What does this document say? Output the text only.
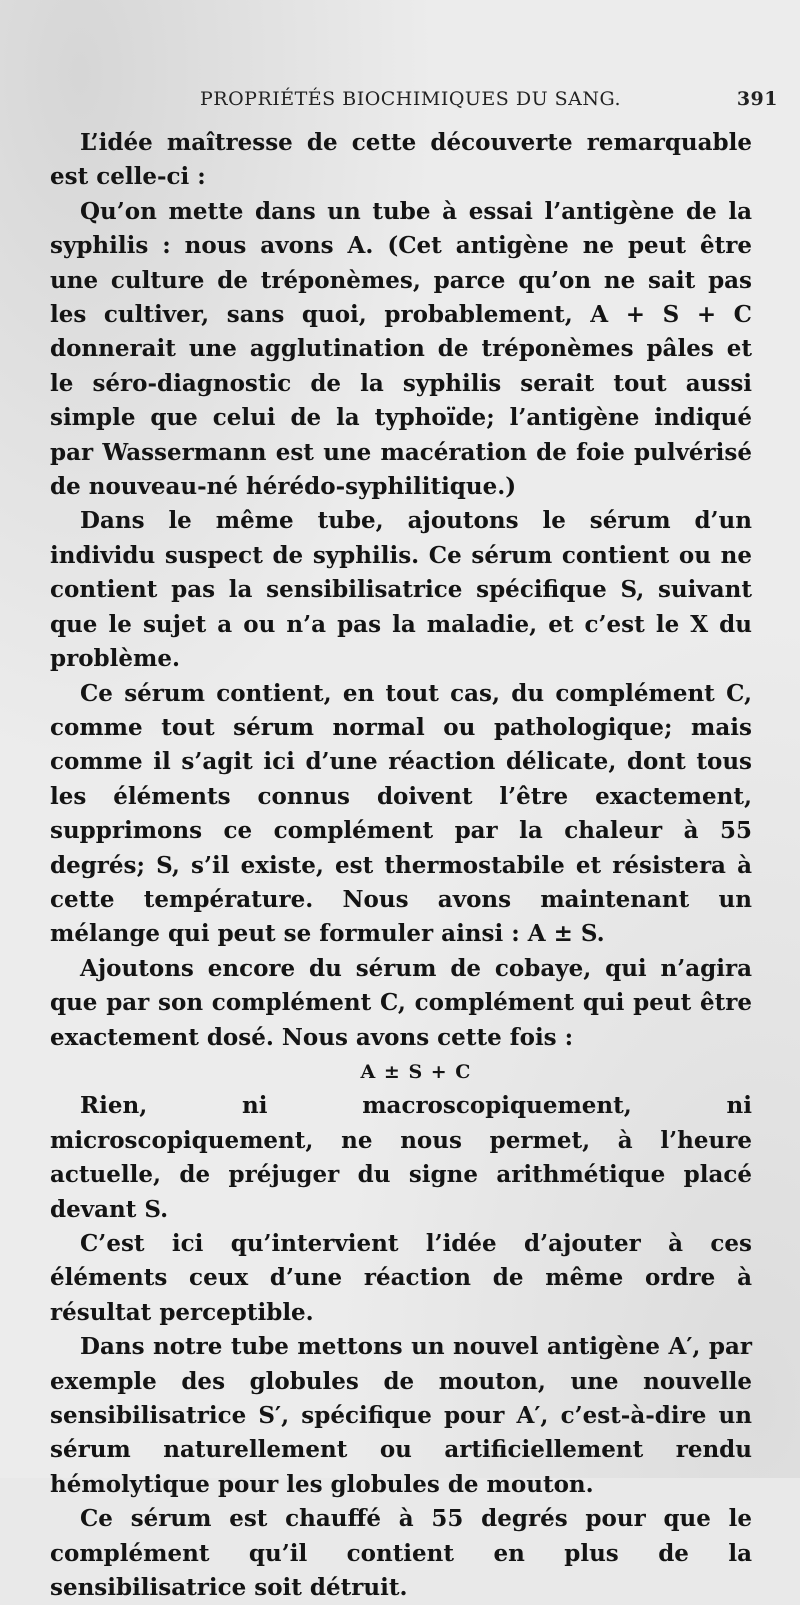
PROPRIÉTÉS BIOCHIMIQUES DU SANG.	391

L’idée maîtresse de cette découverte remarquable est celle-ci :

Qu’on mette dans un tube à essai l’antigène de la syphilis : nous avons A. (Cet antigène ne peut être une culture de tréponèmes, parce qu’on ne sait pas les cultiver, sans quoi, probablement, A + S + C donnerait une agglutination de tréponèmes pâles et le séro-diagnostic de la syphilis serait tout aussi simple que celui de la typhoïde; l’antigène indiqué par Wassermann est une macération de foie pulvérisé de nouveau-né hérédo-syphilitique.)

Dans le même tube, ajoutons le sérum d’un individu suspect de syphilis. Ce sérum contient ou ne contient pas la sensibilisatrice spécifique S, suivant que le sujet a ou n’a pas la maladie, et c’est le X du problème.

Ce sérum contient, en tout cas, du complément C, comme tout sérum normal ou pathologique; mais comme il s’agit ici d’une réaction délicate, dont tous les éléments connus doivent l’être exactement, supprimons ce complément par la chaleur à 55 degrés; S, s’il existe, est thermostabile et résistera à cette température. Nous avons maintenant un mélange qui peut se formuler ainsi : A ± S.

Ajoutons encore du sérum de cobaye, qui n’agira que par son complément C, complément qui peut être exactement dosé. Nous avons cette fois :

A ± S + C

Rien, ni macroscopiquement, ni microscopiquement, ne nous permet, à l’heure actuelle, de préjuger du signe arithmétique placé devant S.

C’est ici qu’intervient l’idée d’ajouter à ces éléments ceux d’une réaction de même ordre à résultat perceptible.

Dans notre tube mettons un nouvel antigène A′, par exemple des globules de mouton, une nouvelle sensibilisatrice S′, spécifique pour A′, c’est-à-dire un sérum naturellement ou artificiellement rendu hémolytique pour les globules de mouton.

Ce sérum est chauffé à 55 degrés pour que le complément qu’il contient en plus de la sensibilisatrice soit détruit.
